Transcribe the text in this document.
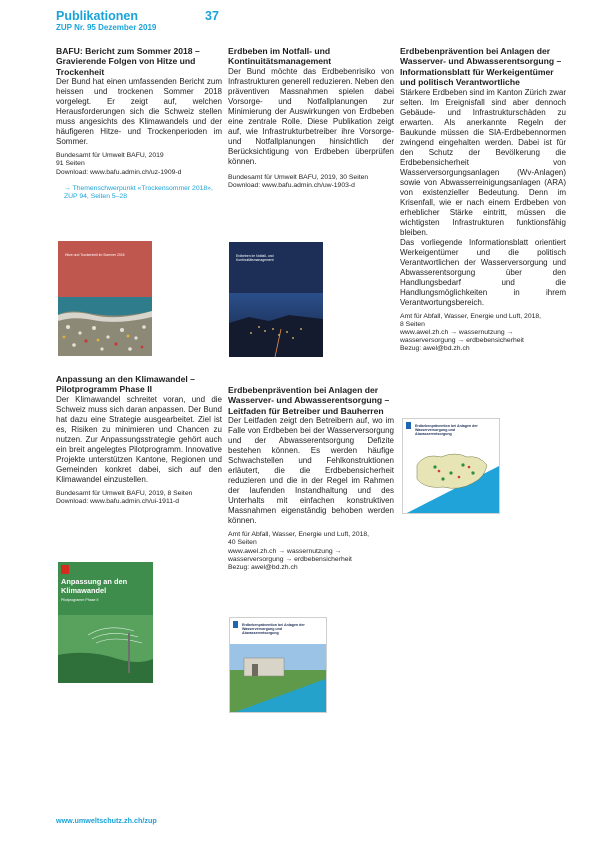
Publikationen	37
ZUP Nr. 95 Dezember 2019
BAFU: Bericht zum Sommer 2018 – Gravierende Folgen von Hitze und Trockenheit

Der Bund hat einen umfassenden Bericht zum heissen und trockenen Sommer 2018 vorgelegt. Er zeigt auf, welchen Herausforderungen sich die Schweiz stellen muss angesichts des Klimawandels und der häufigeren Hitze- und Trockenperioden im Sommer.

Bundesamt für Umwelt BAFU, 2019
91 Seiten
Download: www.bafu.admin.ch/uz-1909-d
→ Themenschwerpunkt «Trockensommer 2018», ZUP 94, Seiten 5–28
Hitze und Trockenheit im Sommer 2018
Erdbeben im Notfall- und Kontinuitätsmanagement

Der Bund möchte das Erdbebenrisiko von Infrastrukturen generell reduzieren. Neben den präventiven Massnahmen spielen dabei Vorsorge- und Notfallplanungen zur Minimierung der Auswirkungen von Erdbeben eine zentrale Rolle. Diese Publikation zeigt auf, wie Infrastrukturbetreiber ihre Vorsorge- und Notfallplanungen hinsichtlich der Berücksichtigung von Erdbeben überprüfen können.

Bundesamt für Umwelt BAFU, 2019, 30 Seiten
Download: www.bafu.admin.ch/uw-1903-d
Erdbeben im Notfall- und Kontinuitätsmanagement
Erdbebenprävention bei Anlagen der Wasserver- und Abwasserentsorgung – Informationsblatt für Werkeigentümer und politisch Verantwortliche

Stärkere Erdbeben sind im Kanton Zürich zwar selten. Im Ereignisfall sind aber dennoch Gebäude- und Infrastrukturschäden zu erwarten. Als anerkannte Regeln der Baukunde müssen die SIA-Erdbebennormen zwingend eingehalten werden. Dabei ist für den Schutz der Bevölkerung die Erdbebensicherheit von Wasserversorgungsanlagen (Wv-Anlagen) sowie von Abwasserreinigungsanlagen (ARA) von existenzieller Bedeutung. Denn im Krisenfall, wie er nach einem Erdbeben von erheblicher Stärke eintritt, müssen die wichtigsten Infrastrukturen funktionsfähig bleiben.

Das vorliegende Informationsblatt orientiert Werkeigentümer und die politisch Verantwortlichen der Wasserversorgung und Abwasserentsorgung über den Handlungsbedarf und die Handlungsmöglichkeiten in ihrem Verantwortungsbereich.

Amt für Abfall, Wasser, Energie und Luft, 2018,
8 Seiten
www.awel.zh.ch → wassernutzung → wasserversorgung → erdbebensicherheit
Bezug: awel@bd.zh.ch
Erdbebenprävention bei Anlagen der Wasserversorgung und Abwasserentsorgung
Anpassung an den Klimawandel – Pilotprogramm Phase II

Der Klimawandel schreitet voran, und die Schweiz muss sich daran anpassen. Der Bund hat dazu eine Strategie ausgearbeitet. Ziel ist es, Risiken zu minimieren und Chancen zu nutzen. Zur Anpassungsstrategie gehört auch ein breit angelegtes Pilotprogramm. Innovative Projekte unterstützen Kantone, Regionen und Gemeinden konkret dabei, sich auf den Klimawandel einzustellen.

Bundesamt für Umwelt BAFU, 2019, 8 Seiten
Download: www.bafu.admin.ch/ui-1911-d
Anpassung an den Klimawandel
Pilotprogramm Phase II
Erdbebenprävention bei Anlagen der Wasserver- und Abwasserentsorgung – Leitfaden für Betreiber und Bauherren

Der Leitfaden zeigt den Betreibern auf, wo im Falle von Erdbeben bei der Wasserversorgung und der Abwasserentsorgung Defizite bestehen können. Es werden häufige Schwachstellen und Fehlkonstruktionen erläutert, die die Erdbebensicherheit reduzieren und die in der Regel im Rahmen der laufenden Instandhaltung und des Unterhalts mit einfachen konstruktiven Massnahmen eigenständig behoben werden können.

Amt für Abfall, Wasser, Energie und Luft, 2018,
40 Seiten
www.awel.zh.ch → wassernutzung → wasserversorgung → erdbebensicherheit
Bezug: awel@bd.zh.ch
Erdbebenprävention bei Anlagen der Wasserversorgung und Abwasserentsorgung
www.umweltschutz.zh.ch/zup
